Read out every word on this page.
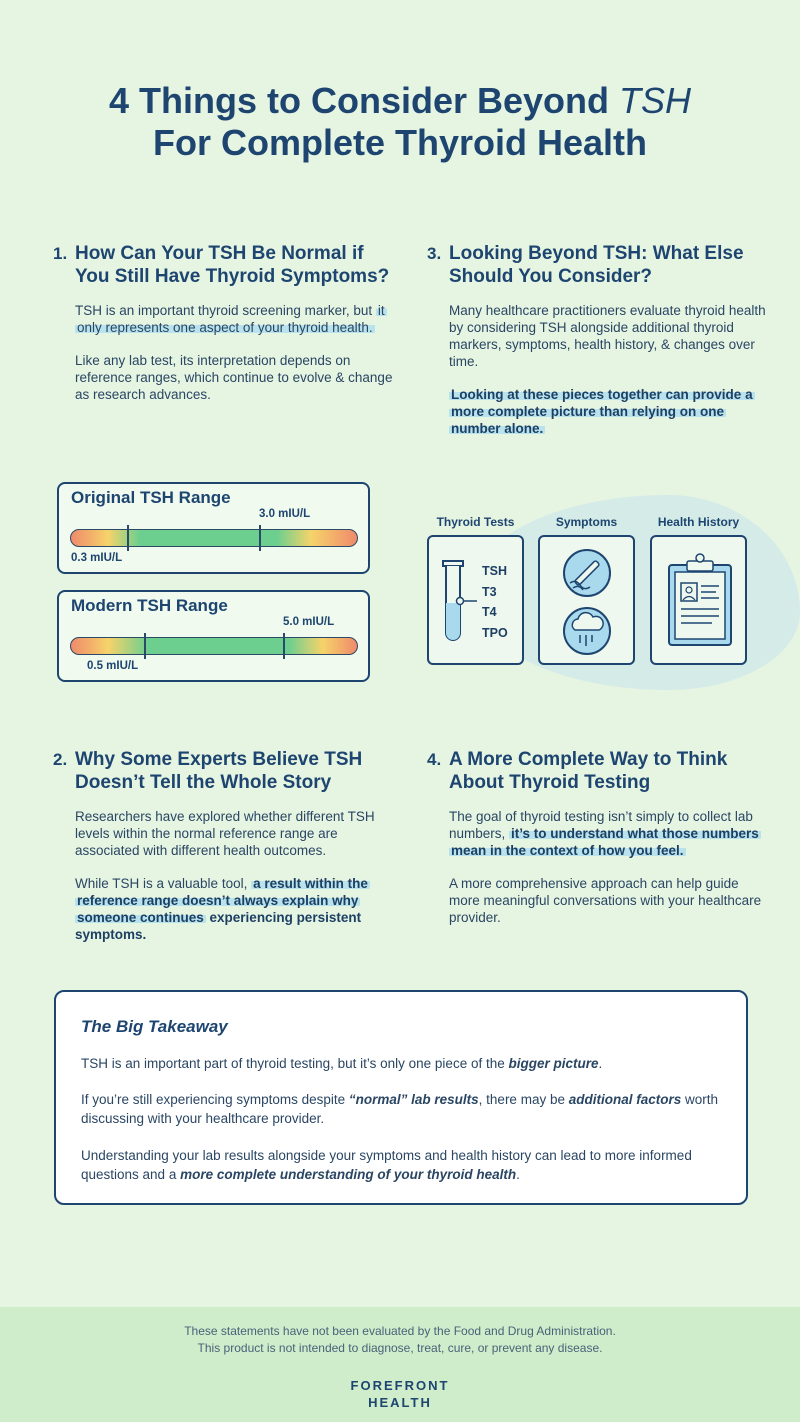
4 Things to Consider Beyond TSH
For Complete Thyroid Health
1. How Can Your TSH Be Normal if You Still Have Thyroid Symptoms?

TSH is an important thyroid screening marker, but it only represents one aspect of your thyroid health.

Like any lab test, its interpretation depends on reference ranges, which continue to evolve & change as research advances.

3. Looking Beyond TSH: What Else Should You Consider?

Many healthcare practitioners evaluate thyroid health by considering TSH alongside additional thyroid markers, symptoms, health history, & changes over time.

Looking at these pieces together can provide a more complete picture than relying on one number alone.

Original TSH Range
3.0 mIU/L
0.3 mIU/L
Modern TSH Range
5.0 mIU/L
0.5 mIU/L
Thyroid Tests	Symptoms	Health History
TSH
T3
T4
TPO
2. Why Some Experts Believe TSH Doesn’t Tell the Whole Story

Researchers have explored whether different TSH levels within the normal reference range are associated with different health outcomes.

While TSH is a valuable tool, a result within the reference range doesn’t always explain why someone continues experiencing persistent symptoms.

4. A More Complete Way to Think About Thyroid Testing

The goal of thyroid testing isn’t simply to collect lab numbers, it’s to understand what those numbers mean in the context of how you feel.

A more comprehensive approach can help guide more meaningful conversations with your healthcare provider.

The Big Takeaway

TSH is an important part of thyroid testing, but it’s only one piece of the bigger picture.

If you’re still experiencing symptoms despite “normal” lab results, there may be additional factors worth discussing with your healthcare provider.

Understanding your lab results alongside your symptoms and health history can lead to more informed questions and a more complete understanding of your thyroid health.

These statements have not been evaluated by the Food and Drug Administration.
This product is not intended to diagnose, treat, cure, or prevent any disease.
FOREFRONT
HEALTH
